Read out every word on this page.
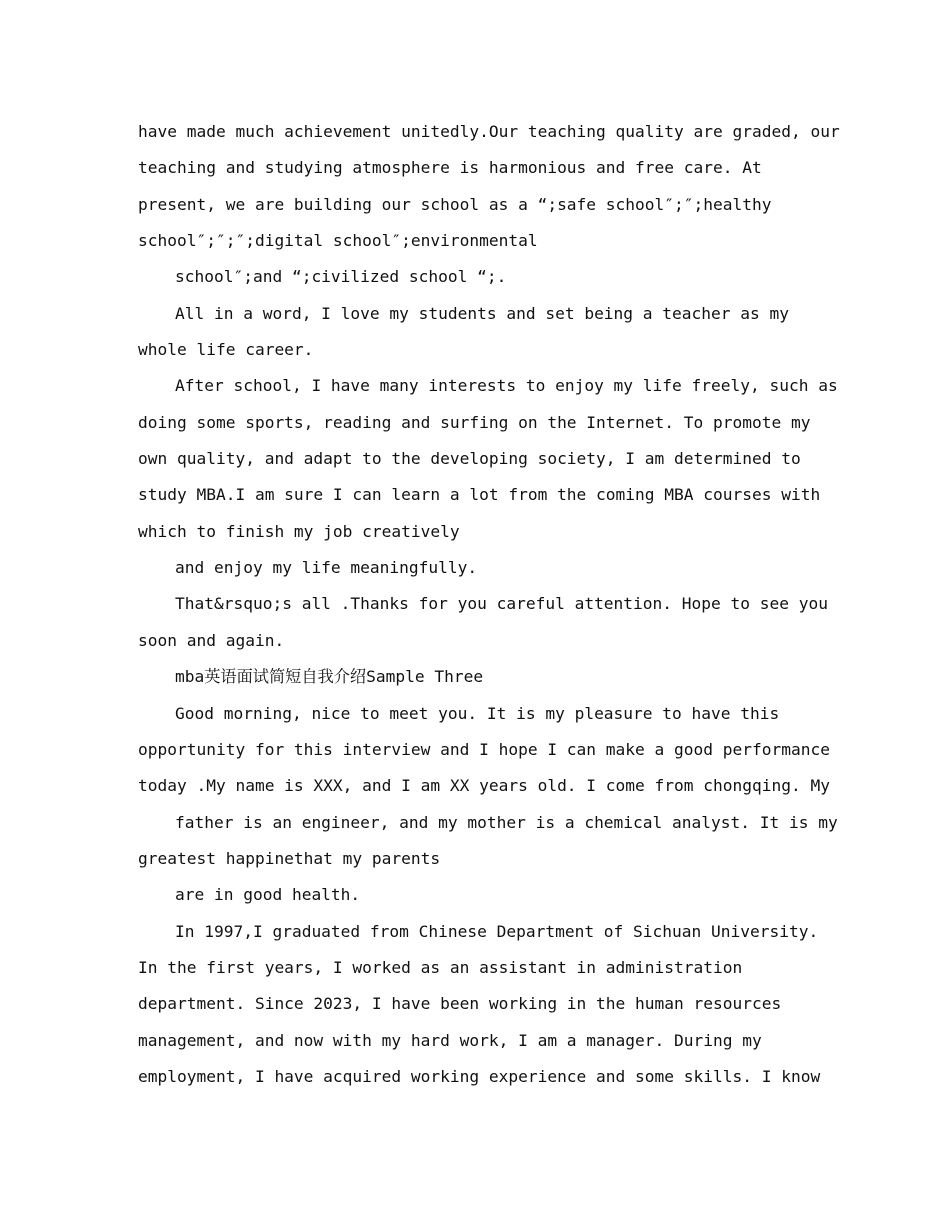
have made much achievement unitedly.Our teaching quality are graded, our
teaching and studying atmosphere is harmonious and free care. At
present, we are building our school as a “;safe school″;″;healthy
school″;″;″;digital school″;environmental
school″;and “;civilized school “;.
All in a word, I love my students and set being a teacher as my
whole life career.
After school, I have many interests to enjoy my life freely, such as
doing some sports, reading and surfing on the Internet. To promote my
own quality, and adapt to the developing society, I am determined to
study MBA.I am sure I can learn a lot from the coming MBA courses with
which to finish my job creatively
and enjoy my life meaningfully.
That&rsquo;s all .Thanks for you careful attention. Hope to see you
soon and again.
mba英语面试简短自我介绍Sample Three
Good morning, nice to meet you. It is my pleasure to have this
opportunity for this interview and I hope I can make a good performance
today .My name is XXX, and I am XX years old. I come from chongqing. My
father is an engineer, and my mother is a chemical analyst. It is my
greatest happinethat my parents
are in good health.
In 1997,I graduated from Chinese Department of Sichuan University.
In the first years, I worked as an assistant in administration
department. Since 2023, I have been working in the human resources
management, and now with my hard work, I am a manager. During my
employment, I have acquired working experience and some skills. I know
